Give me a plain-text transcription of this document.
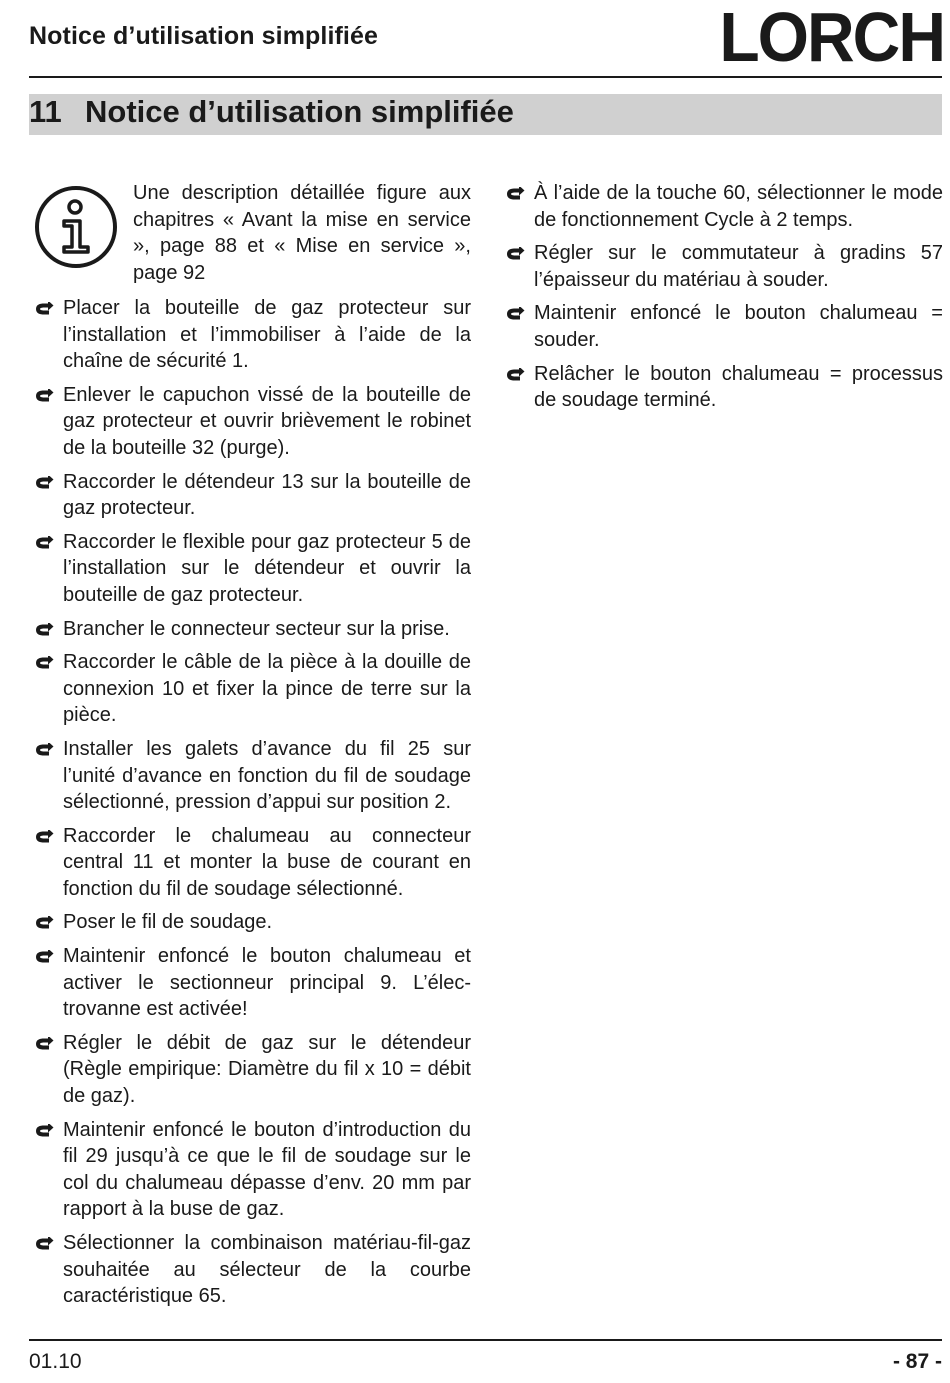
Notice d’utilisation simplifiée	LORCH
11 Notice d’utilisation simplifiée
Une description détaillée figure aux chapitres « Avant la mise en service », page 88 et « Mise en service », page 92
Placer la bouteille de gaz protecteur sur l’installation et l’immobiliser à l’aide de la chaîne de sécurité 1.
Enlever le capuchon vissé de la bouteille de gaz protecteur et ouvrir brièvement le robinet de la bouteille 32 (purge).
Raccorder le détendeur 13 sur la bouteille de gaz protecteur.
Raccorder le flexible pour gaz protecteur 5 de l’installation sur le détendeur et ouvrir la bouteille de gaz protecteur.
Brancher le connecteur secteur sur la prise.
Raccorder le câble de la pièce à la douille de connexion 10 et fixer la pince de terre sur la pièce.
Installer les galets d’avance du fil 25 sur l’unité d’avance en fonction du fil de soudage sélectionné, pression d’appui sur position 2.
Raccorder le chalumeau au connecteur central 11 et monter la buse de courant en fonction du fil de soudage sélectionné.
Poser le fil de soudage.
Maintenir enfoncé le bouton chalumeau et activer le sectionneur principal 9. L’électrovanne est activée!
Régler le débit de gaz sur le détendeur (Règle empirique: Diamètre du fil x 10 = débit de gaz).
Maintenir enfoncé le bouton d’introduction du fil 29 jusqu’à ce que le fil de soudage sur le col du chalumeau dépasse d’env. 20 mm par rapport à la buse de gaz.
Sélectionner la combinaison matériau-fil-gaz souhaitée au sélecteur de la courbe caractéristique 65.
À l’aide de la touche 60, sélectionner le mode de fonctionnement Cycle à 2 temps.
Régler sur le commutateur à gradins 57 l’épaisseur du matériau à souder.
Maintenir enfoncé le bouton chalumeau = souder.
Relâcher le bouton chalumeau = processus de soudage terminé.
01.10	- 87 -
